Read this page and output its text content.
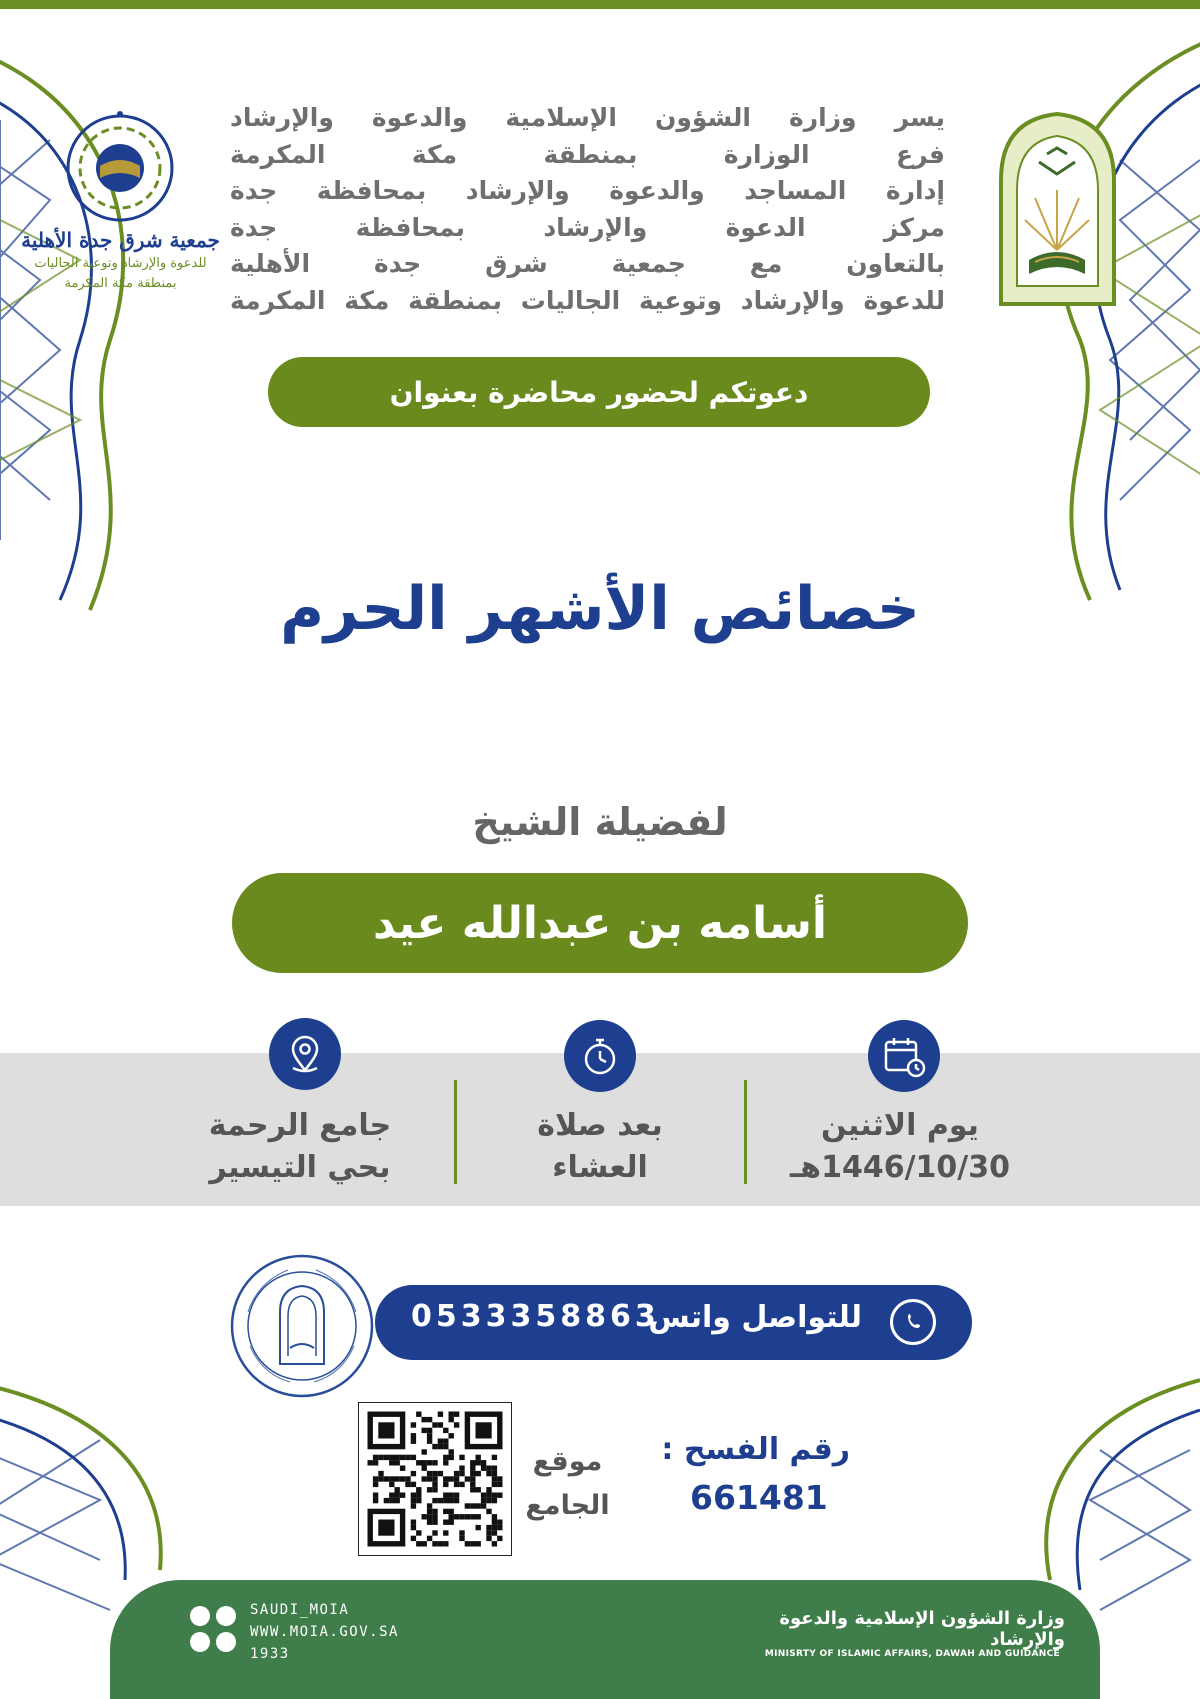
جمعية شرق جدة الأهلية
للدعوة والإرشاد وتوعية الجاليات
بمنطقة مكة المكرمة
يسر وزارة الشؤون الإسلامية والدعوة والإرشاد
فرع الوزارة بمنطقة مكة المكرمة
إدارة المساجد والدعوة والإرشاد بمحافظة جدة
مركز الدعوة والإرشاد بمحافظة جدة
بالتعاون مع جمعية شرق جدة الأهلية
للدعوة والإرشاد وتوعية الجاليات بمنطقة مكة المكرمة
دعوتكم لحضور محاضرة بعنوان
خصائص الأشهر الحرم
لفضيلة الشيخ
أسامه بن عبدالله عيد
يوم الاثنين
1446/10/30هـ
بعد صلاة
العشاء
جامع الرحمة
بحي التيسير
للتواصل واتس
0533358863
موقع
الجامع
رقم الفسح :
661481
وزارة الشؤون الإسلامية والدعوة والإرشاد
MINISRTY OF ISLAMIC AFFAIRS, DAWAH AND GUIDANCE
SAUDI_MOIA
WWW.MOIA.GOV.SA
1933
